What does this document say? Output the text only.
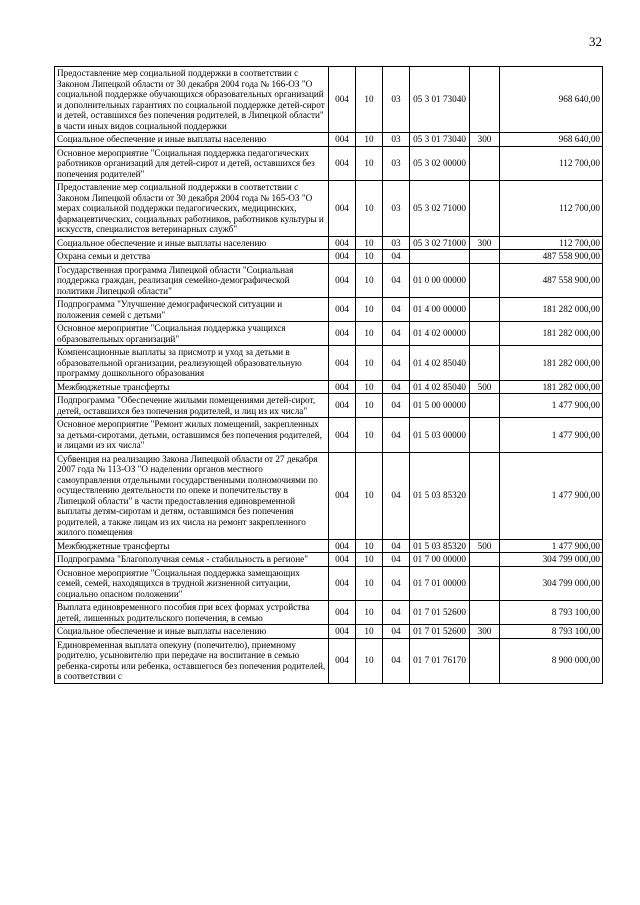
32
Предоставление мер социальной поддержки в соответствии с Законом Липецкой области от 30 декабря 2004 года № 166-ОЗ "О социальной поддержке обучающихся образовательных организаций и дополнительных гарантиях по социальной поддержке детей-сирот и детей, оставшихся без попечения родителей, в Липецкой области" в части иных видов социальной поддержки	004	10	03	05 3 01 73040		968 640,00
Социальное обеспечение и иные выплаты населению	004	10	03	05 3 01 73040	300	968 640,00
Основное мероприятие "Социальная поддержка педагогических работников организаций для детей-сирот и детей, оставшихся без попечения родителей"	004	10	03	05 3 02 00000		112 700,00
Предоставление мер социальной поддержки в соответствии с Законом Липецкой области от 30 декабря 2004 года № 165-ОЗ "О мерах социальной поддержки педагогических, медицинских, фармацевтических, социальных работников, работников культуры и искусств, специалистов ветеринарных служб"	004	10	03	05 3 02 71000		112 700,00
Социальное обеспечение и иные выплаты населению	004	10	03	05 3 02 71000	300	112 700,00
Охрана семьи и детства	004	10	04			487 558 900,00
Государственная программа Липецкой области "Социальная поддержка граждан, реализация семейно-демографической политики Липецкой области"	004	10	04	01 0 00 00000		487 558 900,00
Подпрограмма "Улучшение демографической ситуации и положения семей с детьми"	004	10	04	01 4 00 00000		181 282 000,00
Основное мероприятие "Социальная поддержка учащихся образовательных организаций"	004	10	04	01 4 02 00000		181 282 000,00
Компенсационные выплаты за присмотр и уход за детьми в образовательной организации, реализующей образовательную программу дошкольного образования	004	10	04	01 4 02 85040		181 282 000,00
Межбюджетные трансферты	004	10	04	01 4 02 85040	500	181 282 000,00
Подпрограмма "Обеспечение жилыми помещениями детей-сирот, детей, оставшихся без попечения родителей, и лиц из их числа"	004	10	04	01 5 00 00000		1 477 900,00
Основное мероприятие "Ремонт жилых помещений, закрепленных за детьми-сиротами, детьми, оставшимся без попечения родителей, и лицами из их числа"	004	10	04	01 5 03 00000		1 477 900,00
Субвенция на реализацию Закона Липецкой области от 27 декабря 2007 года № 113-ОЗ "О наделении органов местного самоуправления отдельными государственными полномочиями по осуществлению деятельности по опеке и попечительству в Липецкой области" в части предоставления единовременной выплаты детям-сиротам и детям, оставшимся без попечения родителей, а также лицам из их числа на ремонт закрепленного жилого помещения	004	10	04	01 5 03 85320		1 477 900,00
Межбюджетные трансферты	004	10	04	01 5 03 85320	500	1 477 900,00
Подпрограмма "Благополучная семья - стабильность в регионе"	004	10	04	01 7 00 00000		304 799 000,00
Основное мероприятие "Социальная поддержка замещающих семей, семей, находящихся в трудной жизненной ситуации, социально опасном положении"	004	10	04	01 7 01 00000		304 799 000,00
Выплата единовременного пособия при всех формах устройства детей, лишенных родительского попечения, в семью	004	10	04	01 7 01 52600		8 793 100,00
Социальное обеспечение и иные выплаты населению	004	10	04	01 7 01 52600	300	8 793 100,00
Единовременная выплата опекуну (попечителю), приемному родителю, усыновителю при передаче на воспитание в семью ребенка-сироты или ребенка, оставшегося без попечения родителей, в соответствии с	004	10	04	01 7 01 76170		8 900 000,00
